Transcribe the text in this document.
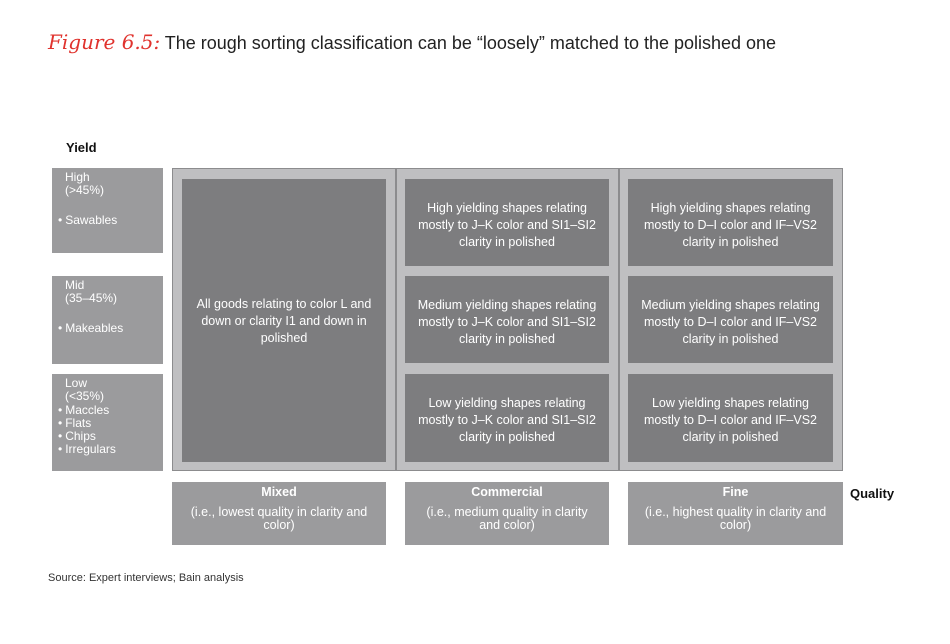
Figure 6.5: The rough sorting classification can be “loosely” matched to the polished one
Yield
High
(>45%)
• Sawables
Mid
(35–45%)
• Makeables
Low
(<35%)
• Maccles
• Flats
• Chips
• Irregulars
All goods relating to color L and down or clarity I1 and down in polished
High yielding shapes relating mostly to J–K color and SI1–SI2 clarity in polished
Medium yielding shapes relating mostly to J–K color and SI1–SI2 clarity in polished
Low yielding shapes relating mostly to J–K color and SI1–SI2 clarity in polished
High yielding shapes relating mostly to D–I color and IF–VS2 clarity in polished
Medium yielding shapes relating mostly to D–I color and IF–VS2 clarity in polished
Low yielding shapes relating mostly to D–I color and IF–VS2 clarity in polished
Mixed
(i.e., lowest quality in clarity and color)
Commercial
(i.e., medium quality in clarity and color)
Fine
(i.e., highest quality in clarity and color)
Quality
Source: Expert interviews; Bain analysis
